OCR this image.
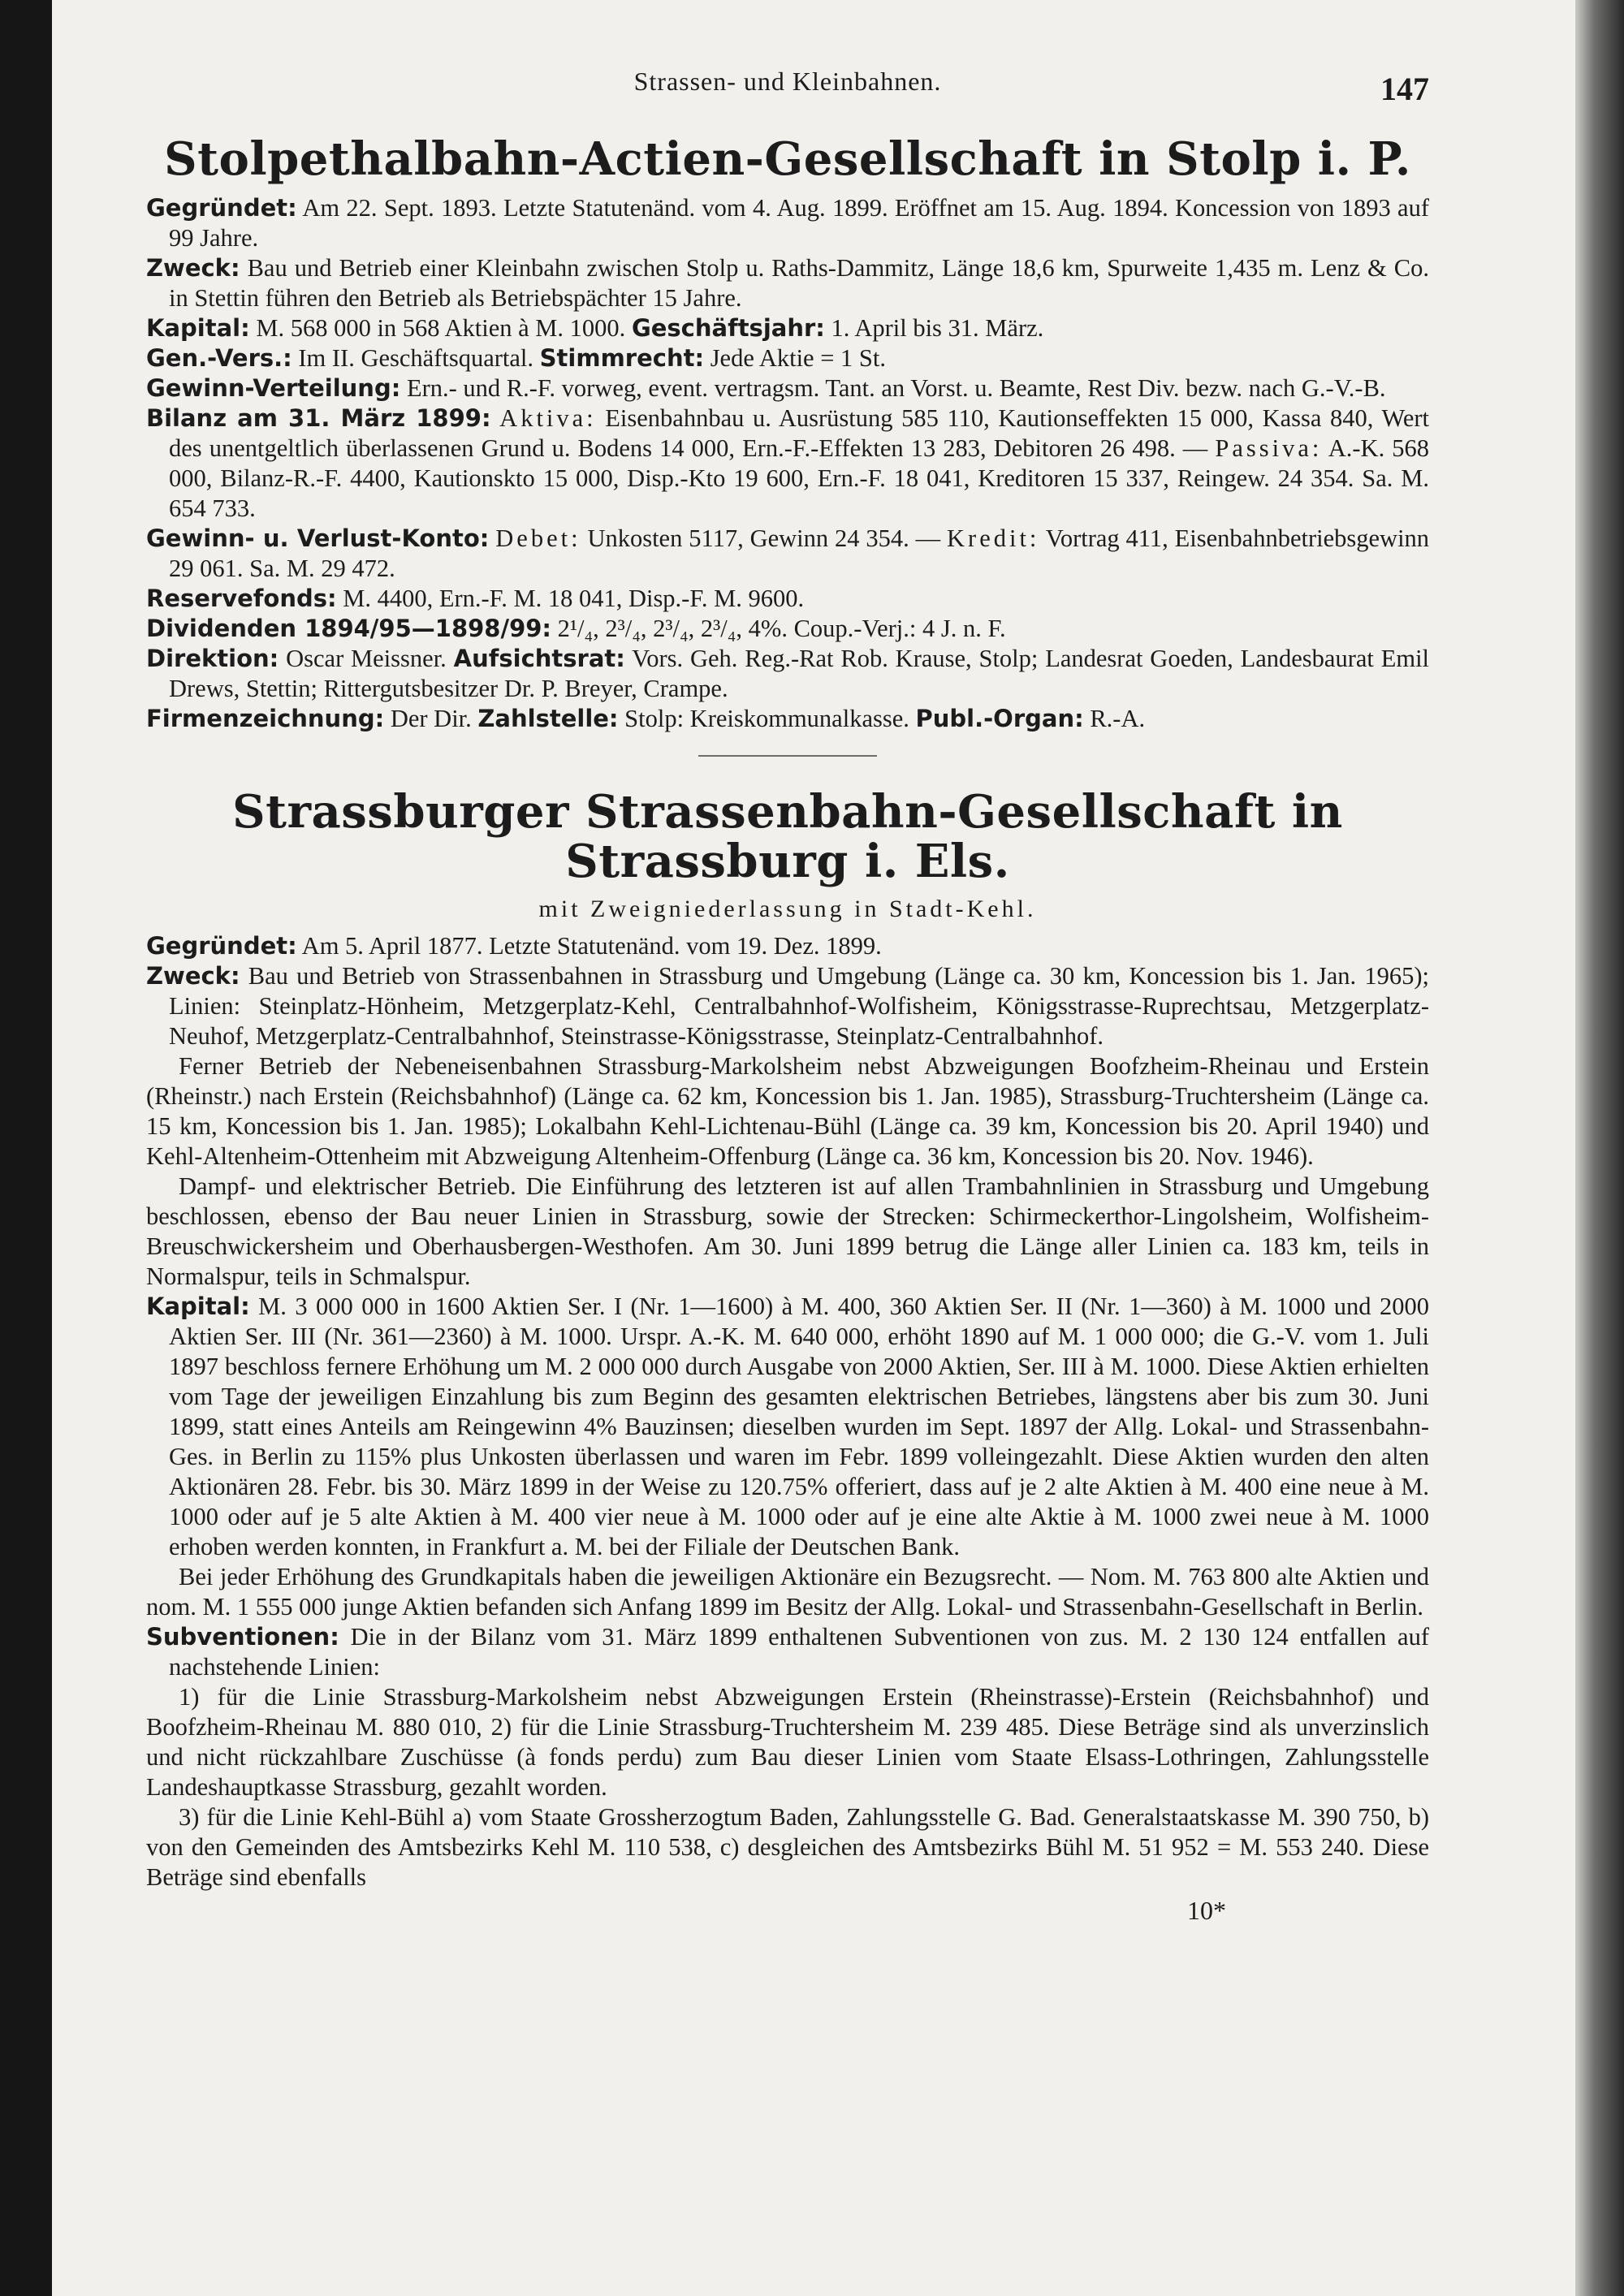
Strassen- und Kleinbahnen.	147
Stolpethalbahn-Actien-Gesellschaft in Stolp i. P.

Gegründet: Am 22. Sept. 1893. Letzte Statutenänd. vom 4. Aug. 1899. Eröffnet am 15. Aug. 1894. Koncession von 1893 auf 99 Jahre.

Zweck: Bau und Betrieb einer Kleinbahn zwischen Stolp u. Raths-Dammitz, Länge 18,6 km, Spurweite 1,435 m. Lenz & Co. in Stettin führen den Betrieb als Betriebspächter 15 Jahre.

Kapital: M. 568 000 in 568 Aktien à M. 1000. Geschäftsjahr: 1. April bis 31. März.

Gen.-Vers.: Im II. Geschäftsquartal. Stimmrecht: Jede Aktie = 1 St.

Gewinn-Verteilung: Ern.- und R.-F. vorweg, event. vertragsm. Tant. an Vorst. u. Beamte, Rest Div. bezw. nach G.-V.-B.

Bilanz am 31. März 1899: Aktiva: Eisenbahnbau u. Ausrüstung 585 110, Kautionseffekten 15 000, Kassa 840, Wert des unentgeltlich überlassenen Grund u. Bodens 14 000, Ern.-F.-Effekten 13 283, Debitoren 26 498. — Passiva: A.-K. 568 000, Bilanz-R.-F. 4400, Kautionskto 15 000, Disp.-Kto 19 600, Ern.-F. 18 041, Kreditoren 15 337, Reingew. 24 354. Sa. M. 654 733.

Gewinn- u. Verlust-Konto: Debet: Unkosten 5117, Gewinn 24 354. — Kredit: Vortrag 411, Eisenbahnbetriebsgewinn 29 061. Sa. M. 29 472.

Reservefonds: M. 4400, Ern.-F. M. 18 041, Disp.-F. M. 9600.

Dividenden 1894/95—1898/99: 2¹/₄, 2³/₄, 2³/₄, 2³/₄, 4%. Coup.-Verj.: 4 J. n. F.

Direktion: Oscar Meissner. Aufsichtsrat: Vors. Geh. Reg.-Rat Rob. Krause, Stolp; Landesrat Goeden, Landesbaurat Emil Drews, Stettin; Rittergutsbesitzer Dr. P. Breyer, Crampe.

Firmenzeichnung: Der Dir. Zahlstelle: Stolp: Kreiskommunalkasse. Publ.-Organ: R.-A.

Strassburger Strassenbahn-Gesellschaft in Strassburg i. Els.
mit Zweigniederlassung in Stadt-Kehl.

Gegründet: Am 5. April 1877. Letzte Statutenänd. vom 19. Dez. 1899.

Zweck: Bau und Betrieb von Strassenbahnen in Strassburg und Umgebung (Länge ca. 30 km, Koncession bis 1. Jan. 1965); Linien: Steinplatz-Hönheim, Metzgerplatz-Kehl, Centralbahnhof-Wolfisheim, Königsstrasse-Ruprechtsau, Metzgerplatz-Neuhof, Metzgerplatz-Centralbahnhof, Steinstrasse-Königsstrasse, Steinplatz-Centralbahnhof.

Ferner Betrieb der Nebeneisenbahnen Strassburg-Markolsheim nebst Abzweigungen Boofzheim-Rheinau und Erstein (Rheinstr.) nach Erstein (Reichsbahnhof) (Länge ca. 62 km, Koncession bis 1. Jan. 1985), Strassburg-Truchtersheim (Länge ca. 15 km, Koncession bis 1. Jan. 1985); Lokalbahn Kehl-Lichtenau-Bühl (Länge ca. 39 km, Koncession bis 20. April 1940) und Kehl-Altenheim-Ottenheim mit Abzweigung Altenheim-Offenburg (Länge ca. 36 km, Koncession bis 20. Nov. 1946).

Dampf- und elektrischer Betrieb. Die Einführung des letzteren ist auf allen Trambahnlinien in Strassburg und Umgebung beschlossen, ebenso der Bau neuer Linien in Strassburg, sowie der Strecken: Schirmeckerthor-Lingolsheim, Wolfisheim-Breuschwickersheim und Oberhausbergen-Westhofen. Am 30. Juni 1899 betrug die Länge aller Linien ca. 183 km, teils in Normalspur, teils in Schmalspur.

Kapital: M. 3 000 000 in 1600 Aktien Ser. I (Nr. 1—1600) à M. 400, 360 Aktien Ser. II (Nr. 1—360) à M. 1000 und 2000 Aktien Ser. III (Nr. 361—2360) à M. 1000. Urspr. A.-K. M. 640 000, erhöht 1890 auf M. 1 000 000; die G.-V. vom 1. Juli 1897 beschloss fernere Erhöhung um M. 2 000 000 durch Ausgabe von 2000 Aktien, Ser. III à M. 1000. Diese Aktien erhielten vom Tage der jeweiligen Einzahlung bis zum Beginn des gesamten elektrischen Betriebes, längstens aber bis zum 30. Juni 1899, statt eines Anteils am Reingewinn 4% Bauzinsen; dieselben wurden im Sept. 1897 der Allg. Lokal- und Strassenbahn-Ges. in Berlin zu 115% plus Unkosten überlassen und waren im Febr. 1899 volleingezahlt. Diese Aktien wurden den alten Aktionären 28. Febr. bis 30. März 1899 in der Weise zu 120.75% offeriert, dass auf je 2 alte Aktien à M. 400 eine neue à M. 1000 oder auf je 5 alte Aktien à M. 400 vier neue à M. 1000 oder auf je eine alte Aktie à M. 1000 zwei neue à M. 1000 erhoben werden konnten, in Frankfurt a. M. bei der Filiale der Deutschen Bank.

Bei jeder Erhöhung des Grundkapitals haben die jeweiligen Aktionäre ein Bezugsrecht. — Nom. M. 763 800 alte Aktien und nom. M. 1 555 000 junge Aktien befanden sich Anfang 1899 im Besitz der Allg. Lokal- und Strassenbahn-Gesellschaft in Berlin.

Subventionen: Die in der Bilanz vom 31. März 1899 enthaltenen Subventionen von zus. M. 2 130 124 entfallen auf nachstehende Linien:

1) für die Linie Strassburg-Markolsheim nebst Abzweigungen Erstein (Rheinstrasse)-Erstein (Reichsbahnhof) und Boofzheim-Rheinau M. 880 010, 2) für die Linie Strassburg-Truchtersheim M. 239 485. Diese Beträge sind als unverzinslich und nicht rückzahlbare Zuschüsse (à fonds perdu) zum Bau dieser Linien vom Staate Elsass-Lothringen, Zahlungsstelle Landeshauptkasse Strassburg, gezahlt worden.

3) für die Linie Kehl-Bühl a) vom Staate Grossherzogtum Baden, Zahlungsstelle G. Bad. Generalstaatskasse M. 390 750, b) von den Gemeinden des Amtsbezirks Kehl M. 110 538, c) desgleichen des Amtsbezirks Bühl M. 51 952 = M. 553 240. Diese Beträge sind ebenfalls

10*
